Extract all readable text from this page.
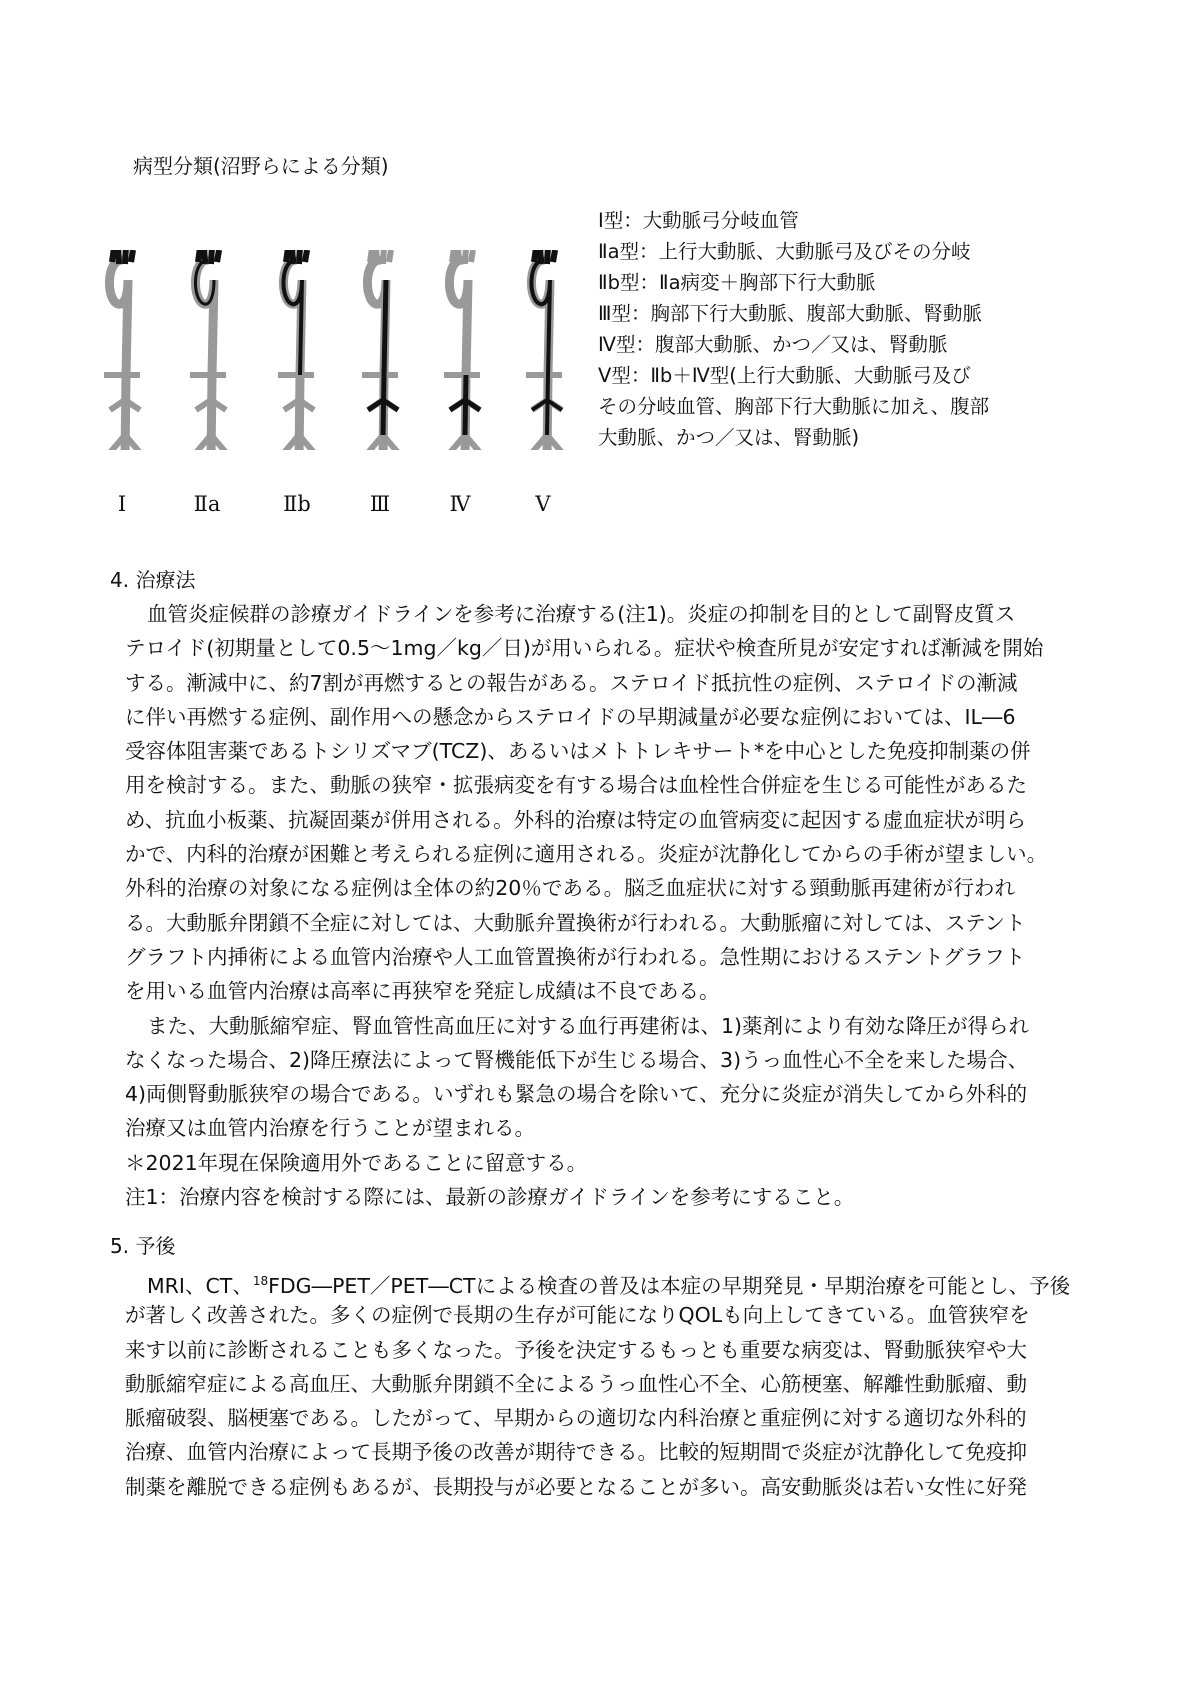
病型分類(沼野らによる分類)
Ⅰ	Ⅱa	Ⅱb	Ⅲ	Ⅳ	Ⅴ
Ⅰ型：大動脈弓分岐血管
Ⅱa型：上行大動脈、大動脈弓及びその分岐
Ⅱb型：Ⅱa病変＋胸部下行大動脈
Ⅲ型：胸部下行大動脈、腹部大動脈、腎動脈
Ⅳ型：腹部大動脈、かつ／又は、腎動脈
Ⅴ型：Ⅱb＋Ⅳ型(上行大動脈、大動脈弓及び
その分岐血管、胸部下行大動脈に加え、腹部
大動脈、かつ／又は、腎動脈)
4. 治療法
血管炎症候群の診療ガイドラインを参考に治療する(注1)。炎症の抑制を目的として副腎皮質ス
テロイド(初期量として0.5～1mg／kg／日)が用いられる。症状や検査所見が安定すれば漸減を開始
する。漸減中に、約7割が再燃するとの報告がある。ステロイド抵抗性の症例、ステロイドの漸減
に伴い再燃する症例、副作用への懸念からステロイドの早期減量が必要な症例においては、IL―6
受容体阻害薬であるトシリズマブ(TCZ)、あるいはメトトレキサート*を中心とした免疫抑制薬の併
用を検討する。また、動脈の狭窄・拡張病変を有する場合は血栓性合併症を生じる可能性があるた
め、抗血小板薬、抗凝固薬が併用される。外科的治療は特定の血管病変に起因する虚血症状が明ら
かで、内科的治療が困難と考えられる症例に適用される。炎症が沈静化してからの手術が望ましい。
外科的治療の対象になる症例は全体の約20％である。脳乏血症状に対する頸動脈再建術が行われ
る。大動脈弁閉鎖不全症に対しては、大動脈弁置換術が行われる。大動脈瘤に対しては、ステント
グラフト内挿術による血管内治療や人工血管置換術が行われる。急性期におけるステントグラフト
を用いる血管内治療は高率に再狭窄を発症し成績は不良である。
また、大動脈縮窄症、腎血管性高血圧に対する血行再建術は、1)薬剤により有効な降圧が得られ
なくなった場合、2)降圧療法によって腎機能低下が生じる場合、3)うっ血性心不全を来した場合、
4)両側腎動脈狭窄の場合である。いずれも緊急の場合を除いて、充分に炎症が消失してから外科的
治療又は血管内治療を行うことが望まれる。
＊2021年現在保険適用外であることに留意する。
注1：治療内容を検討する際には、最新の診療ガイドラインを参考にすること。
5. 予後
MRI、CT、$^{18}$FDG―PET／PET―CTによる検査の普及は本症の早期発見・早期治療を可能とし、予後
が著しく改善された。多くの症例で長期の生存が可能になりQOLも向上してきている。血管狭窄を
来す以前に診断されることも多くなった。予後を決定するもっとも重要な病変は、腎動脈狭窄や大
動脈縮窄症による高血圧、大動脈弁閉鎖不全によるうっ血性心不全、心筋梗塞、解離性動脈瘤、動
脈瘤破裂、脳梗塞である。したがって、早期からの適切な内科治療と重症例に対する適切な外科的
治療、血管内治療によって長期予後の改善が期待できる。比較的短期間で炎症が沈静化して免疫抑
制薬を離脱できる症例もあるが、長期投与が必要となることが多い。高安動脈炎は若い女性に好発
